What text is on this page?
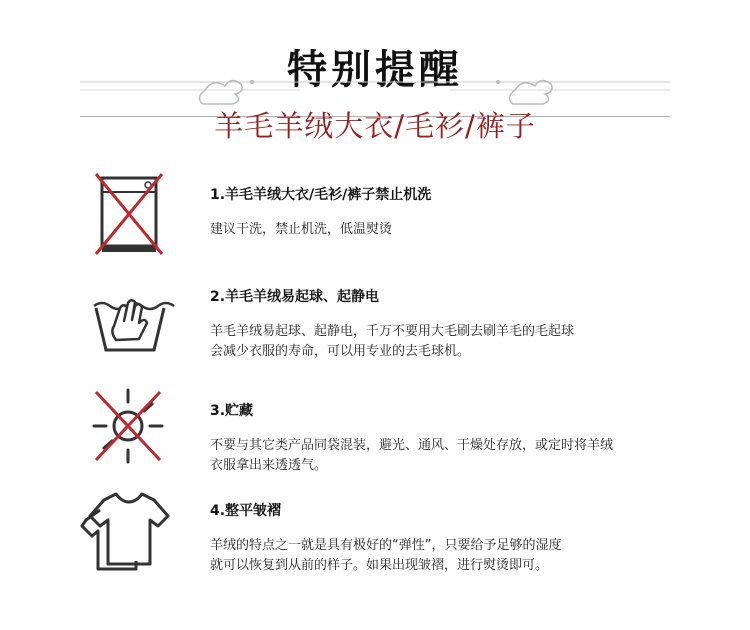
特别提醒
羊毛羊绒大衣/毛衫/裤子
1.羊毛羊绒大衣/毛衫/裤子禁止机洗
建议干洗，禁止机洗，低温熨烫
2.羊毛羊绒易起球、起静电
羊毛羊绒易起球、起静电，千万不要用大毛刷去刷羊毛的毛起球
会减少衣服的寿命，可以用专业的去毛球机。
3.贮藏
不要与其它类产品同袋混装，避光、通风、干燥处存放，或定时将羊绒
衣服拿出来透透气。
4.整平皱褶
羊绒的特点之一就是具有极好的“弹性”，只要给予足够的湿度
就可以恢复到从前的样子。如果出现皱褶，进行熨烫即可。
